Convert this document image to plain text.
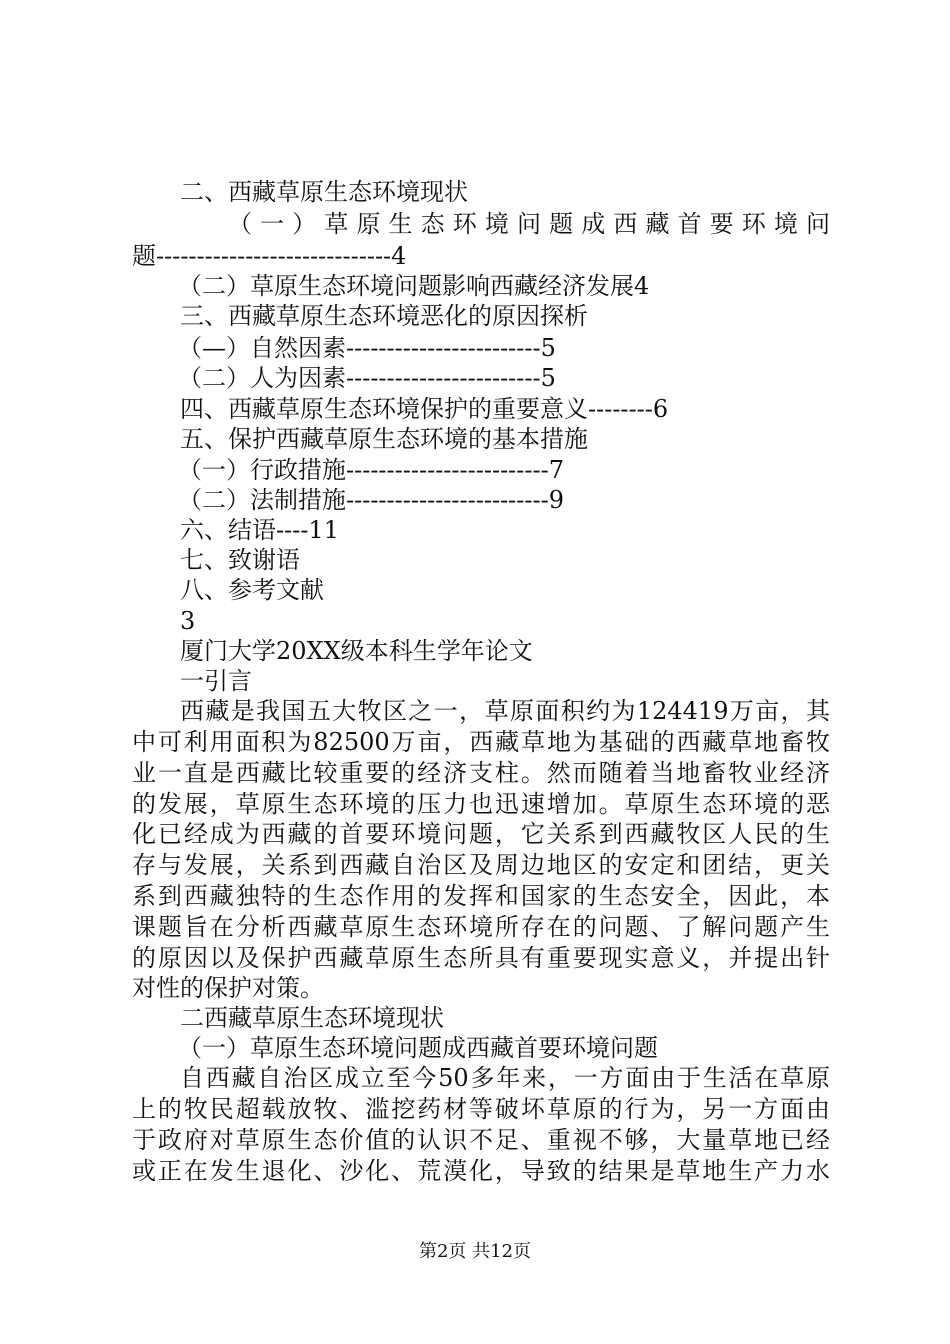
二、西藏草原生态环境现状
（一）草原生态环境问题成西藏首要环境问
题-----------------------------4
（二）草原生态环境问题影响西藏经济发展4
三、西藏草原生态环境恶化的原因探析
（—）自然因素------------------------5
（二）人为因素------------------------5
四、西藏草原生态环境保护的重要意义--------6
五、保护西藏草原生态环境的基本措施
（一）行政措施-------------------------7
（二）法制措施-------------------------9
六、结语----11
七、致谢语
八、参考文献
3
厦门大学20XX级本科生学年论文
一引言
西藏是我国五大牧区之一，草原面积约为124419万亩，其
中可利用面积为82500万亩，西藏草地为基础的西藏草地畜牧
业一直是西藏比较重要的经济支柱。然而随着当地畜牧业经济
的发展，草原生态环境的压力也迅速增加。草原生态环境的恶
化已经成为西藏的首要环境问题，它关系到西藏牧区人民的生
存与发展，关系到西藏自治区及周边地区的安定和团结，更关
系到西藏独特的生态作用的发挥和国家的生态安全，因此，本
课题旨在分析西藏草原生态环境所存在的问题、了解问题产生
的原因以及保护西藏草原生态所具有重要现实意义，并提出针
对性的保护对策。
二西藏草原生态环境现状
（一）草原生态环境问题成西藏首要环境问题
自西藏自治区成立至今50多年来，一方面由于生活在草原
上的牧民超载放牧、滥挖药材等破坏草原的行为，另一方面由
于政府对草原生态价值的认识不足、重视不够，大量草地已经
或正在发生退化、沙化、荒漠化，导致的结果是草地生产力水
第2页 共12页
